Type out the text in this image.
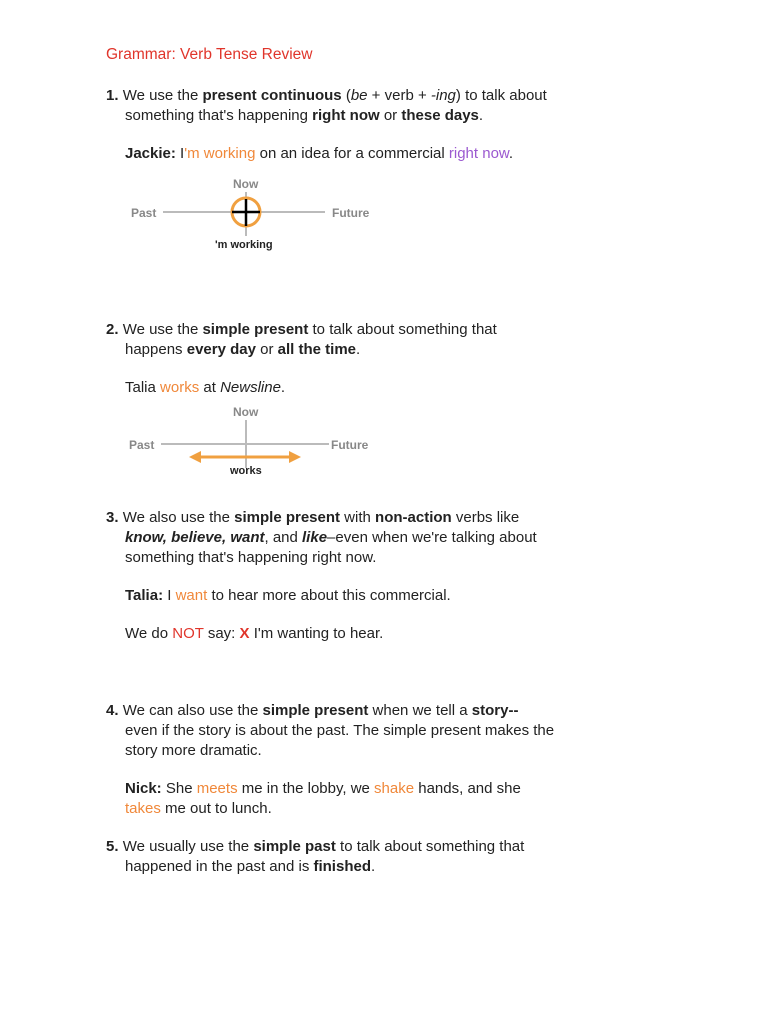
Grammar: Verb Tense Review
1. We use the present continuous (be + verb + -ing) to talk about
something that's happening right now or these days.
Jackie: I'm working on an idea for a commercial right now.
Now
Past	Future
'm working
2. We use the simple present to talk about something that
happens every day or all the time.
Talia works at Newsline.
Now
Past	Future
works
3. We also use the simple present with non-action verbs like
know, believe, want, and like–even when we're talking about
something that's happening right now.
Talia: I want to hear more about this commercial.
We do NOT say: X I'm wanting to hear.
4. We can also use the simple present when we tell a story--
even if the story is about the past. The simple present makes the
story more dramatic.
Nick: She meets me in the lobby, we shake hands, and she
takes me out to lunch.
5. We usually use the simple past to talk about something that
happened in the past and is finished.
